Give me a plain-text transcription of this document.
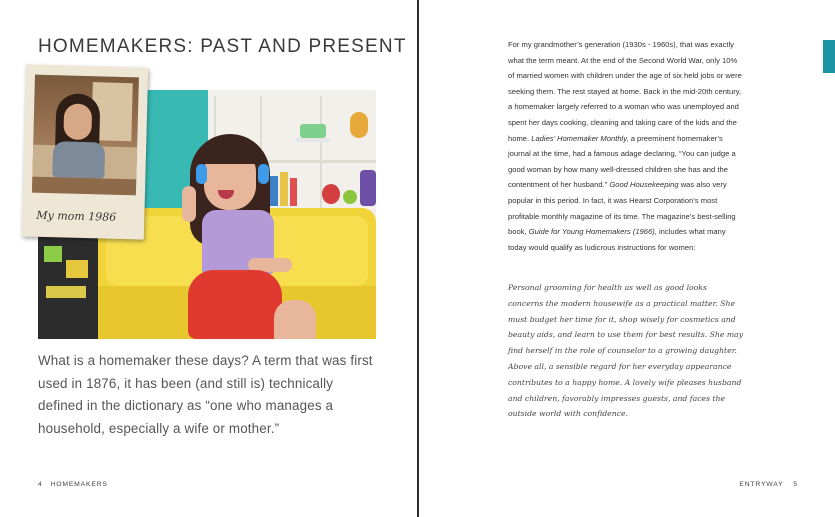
HOMEMAKERS: PAST AND PRESENT

My mom 1986

What is a homemaker these days? A term that was first used in 1876, it has been (and still is) technically defined in the dictionary as “one who manages a household, especially a wife or mother.”

4 HOMEMAKERS

For my grandmother’s generation (1930s - 1960s), that was exactly what the term meant. At the end of the Second World War, only 10% of married women with children under the age of six held jobs or were seeking them. The rest stayed at home. Back in the mid-20th century, a homemaker largely referred to a woman who was unemployed and spent her days cooking, cleaning and taking care of the kids and the home. Ladies’ Homemaker Monthly, a preeminent homemaker’s journal at the time, had a famous adage declaring, “You can judge a good woman by how many well-dressed children she has and the contentment of her husband.” Good Housekeeping was also very popular in this period. In fact, it was Hearst Corporation’s most profitable monthly magazine of its time. The magazine’s best-selling book, Guide for Young Homemakers (1966), includes what many today would qualify as ludicrous instructions for women:

Personal grooming for health as well as good looks concerns the modern housewife as a practical matter. She must budget her time for it, shop wisely for cosmetics and beauty aids, and learn to use them for best results. She may find herself in the role of counselor to a growing daughter. Above all, a sensible regard for her everyday appearance contributes to a happy home. A lovely wife pleases husband and children, favorably impresses guests, and faces the outside world with confidence.

ENTRYWAY 5
